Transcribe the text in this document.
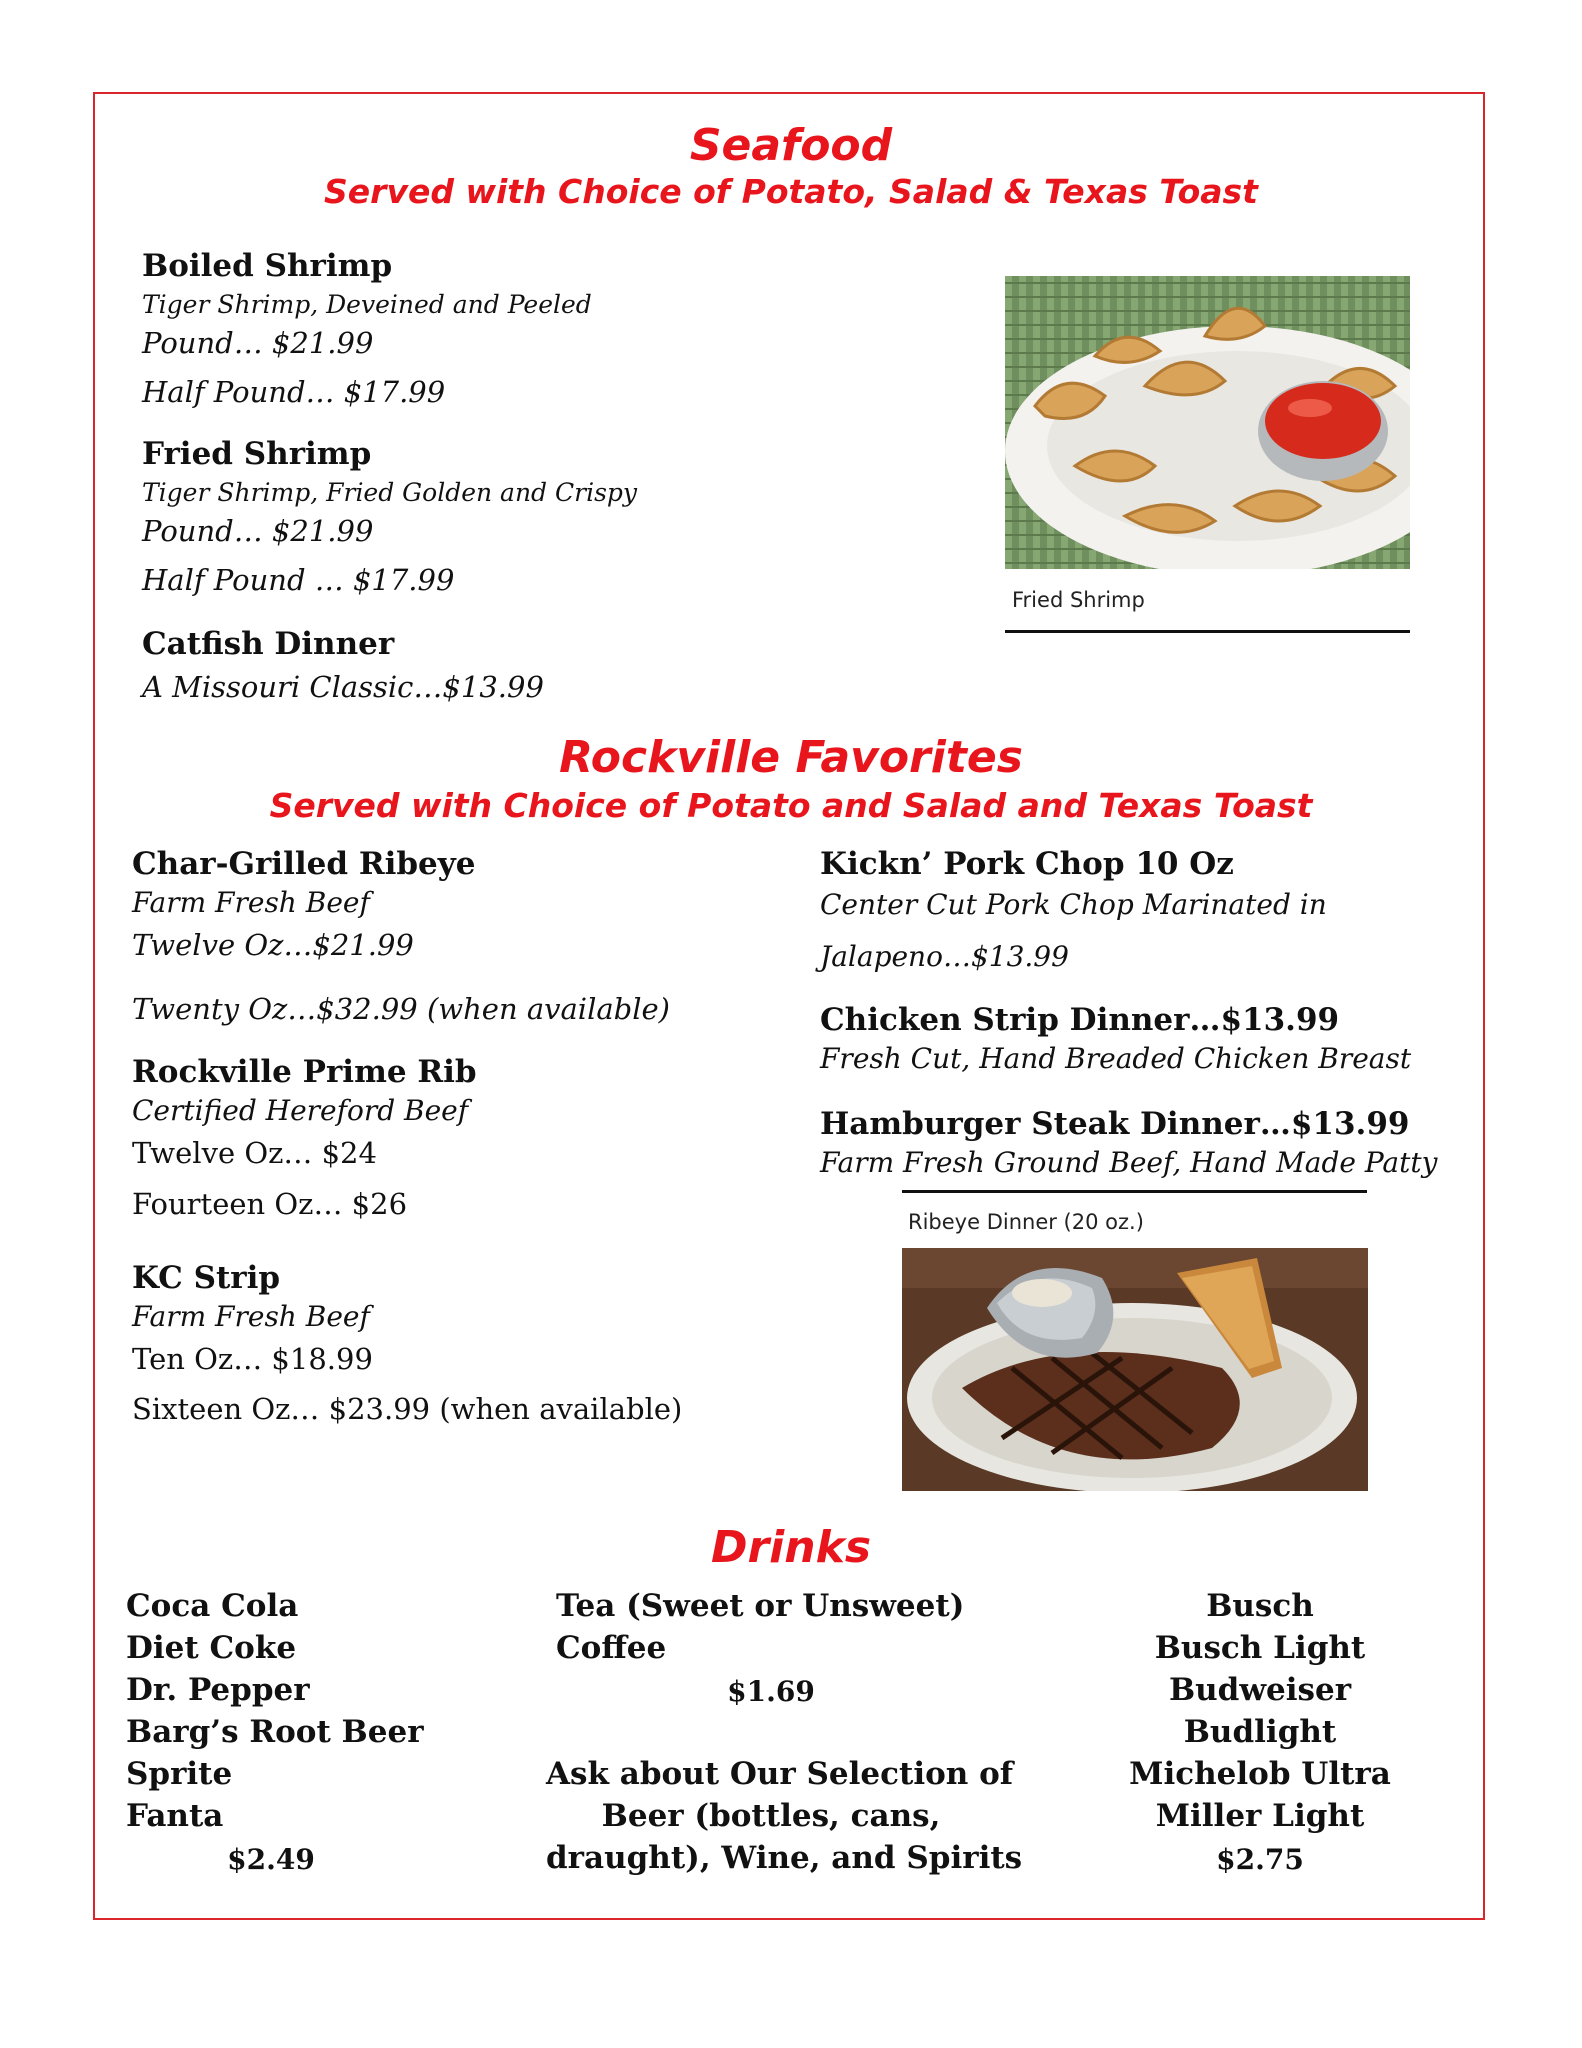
Seafood
Served with Choice of Potato, Salad & Texas Toast
Boiled Shrimp
Tiger Shrimp, Deveined and Peeled
Pound… $21.99
Half Pound… $17.99
Fried Shrimp
Tiger Shrimp, Fried Golden and Crispy
Pound… $21.99
Half Pound … $17.99
Catfish Dinner
A Missouri Classic…$13.99
Fried Shrimp
Rockville Favorites
Served with Choice of Potato and Salad and Texas Toast
Char-Grilled Ribeye
Farm Fresh Beef
Twelve Oz…$21.99
Twenty Oz…$32.99 (when available)
Rockville Prime Rib
Certified Hereford Beef
Twelve Oz… $24
Fourteen Oz… $26
KC Strip
Farm Fresh Beef
Ten Oz… $18.99
Sixteen Oz… $23.99 (when available)
Kickn’ Pork Chop 10 Oz
Center Cut Pork Chop Marinated in
Jalapeno…$13.99
Chicken Strip Dinner…$13.99
Fresh Cut, Hand Breaded Chicken Breast
Hamburger Steak Dinner…$13.99
Farm Fresh Ground Beef, Hand Made Patty
Ribeye Dinner (20 oz.)
Drinks
Coca Cola
Diet Coke
Dr. Pepper
Barg’s Root Beer
Sprite
Fanta
$2.49
Tea (Sweet or Unsweet)
Coffee
$1.69
Ask about Our Selection of
Beer (bottles, cans,
draught), Wine, and Spirits
Busch
Busch Light
Budweiser
Budlight
Michelob Ultra
Miller Light
$2.75
